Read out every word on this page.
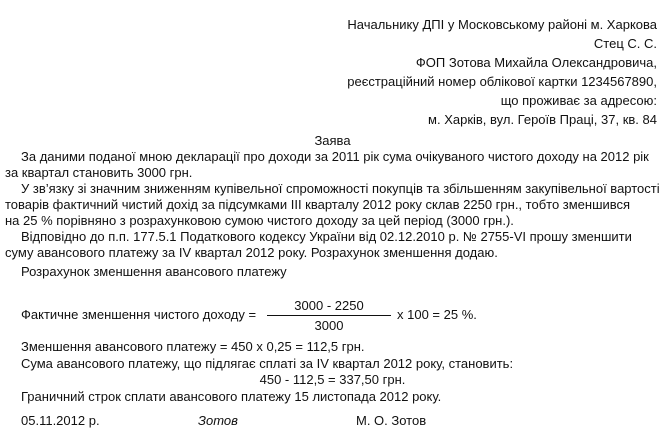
Начальнику ДПІ у Московському районі м. Харкова
Стец С. С.
ФОП Зотова Михайла Олександровича,
реєстраційний номер облікової картки 1234567890,
що проживає за адресою:
м. Харків, вул. Героїв Праці, 37, кв. 84
Заява
За даними поданої мною декларації про доходи за 2011 рік сума очікуваного чистого доходу на 2012 рік
за квартал становить 3000 грн.
У зв’язку зі значним зниженням купівельної спроможності покупців та збільшенням закупівельної вартості
товарів фактичний чистий дохід за підсумками ІІІ кварталу 2012 року склав 2250 грн., тобто зменшився
на 25 % порівняно з розрахунковою сумою чистого доходу за цей період (3000 грн.).
Відповідно до п.п. 177.5.1 Податкового кодексу України від 02.12.2010 р. № 2755-VI прошу зменшити
суму авансового платежу за IV квартал 2012 року. Розрахунок зменшення додаю.
Розрахунок зменшення авансового платежу
Фактичне зменшення чистого доходу = $\frac{3000 - 2250}{3000}$ х 100 = 25 %.
Зменшення авансового платежу = 450 х 0,25 = 112,5 грн.
Сума авансового платежу, що підлягає сплаті за IV квартал 2012 року, становить:
450 - 112,5 = 337,50 грн.
Граничний строк сплати авансового платежу 15 листопада 2012 року.
05.11.2012 р.	Зотов	М. О. Зотов
